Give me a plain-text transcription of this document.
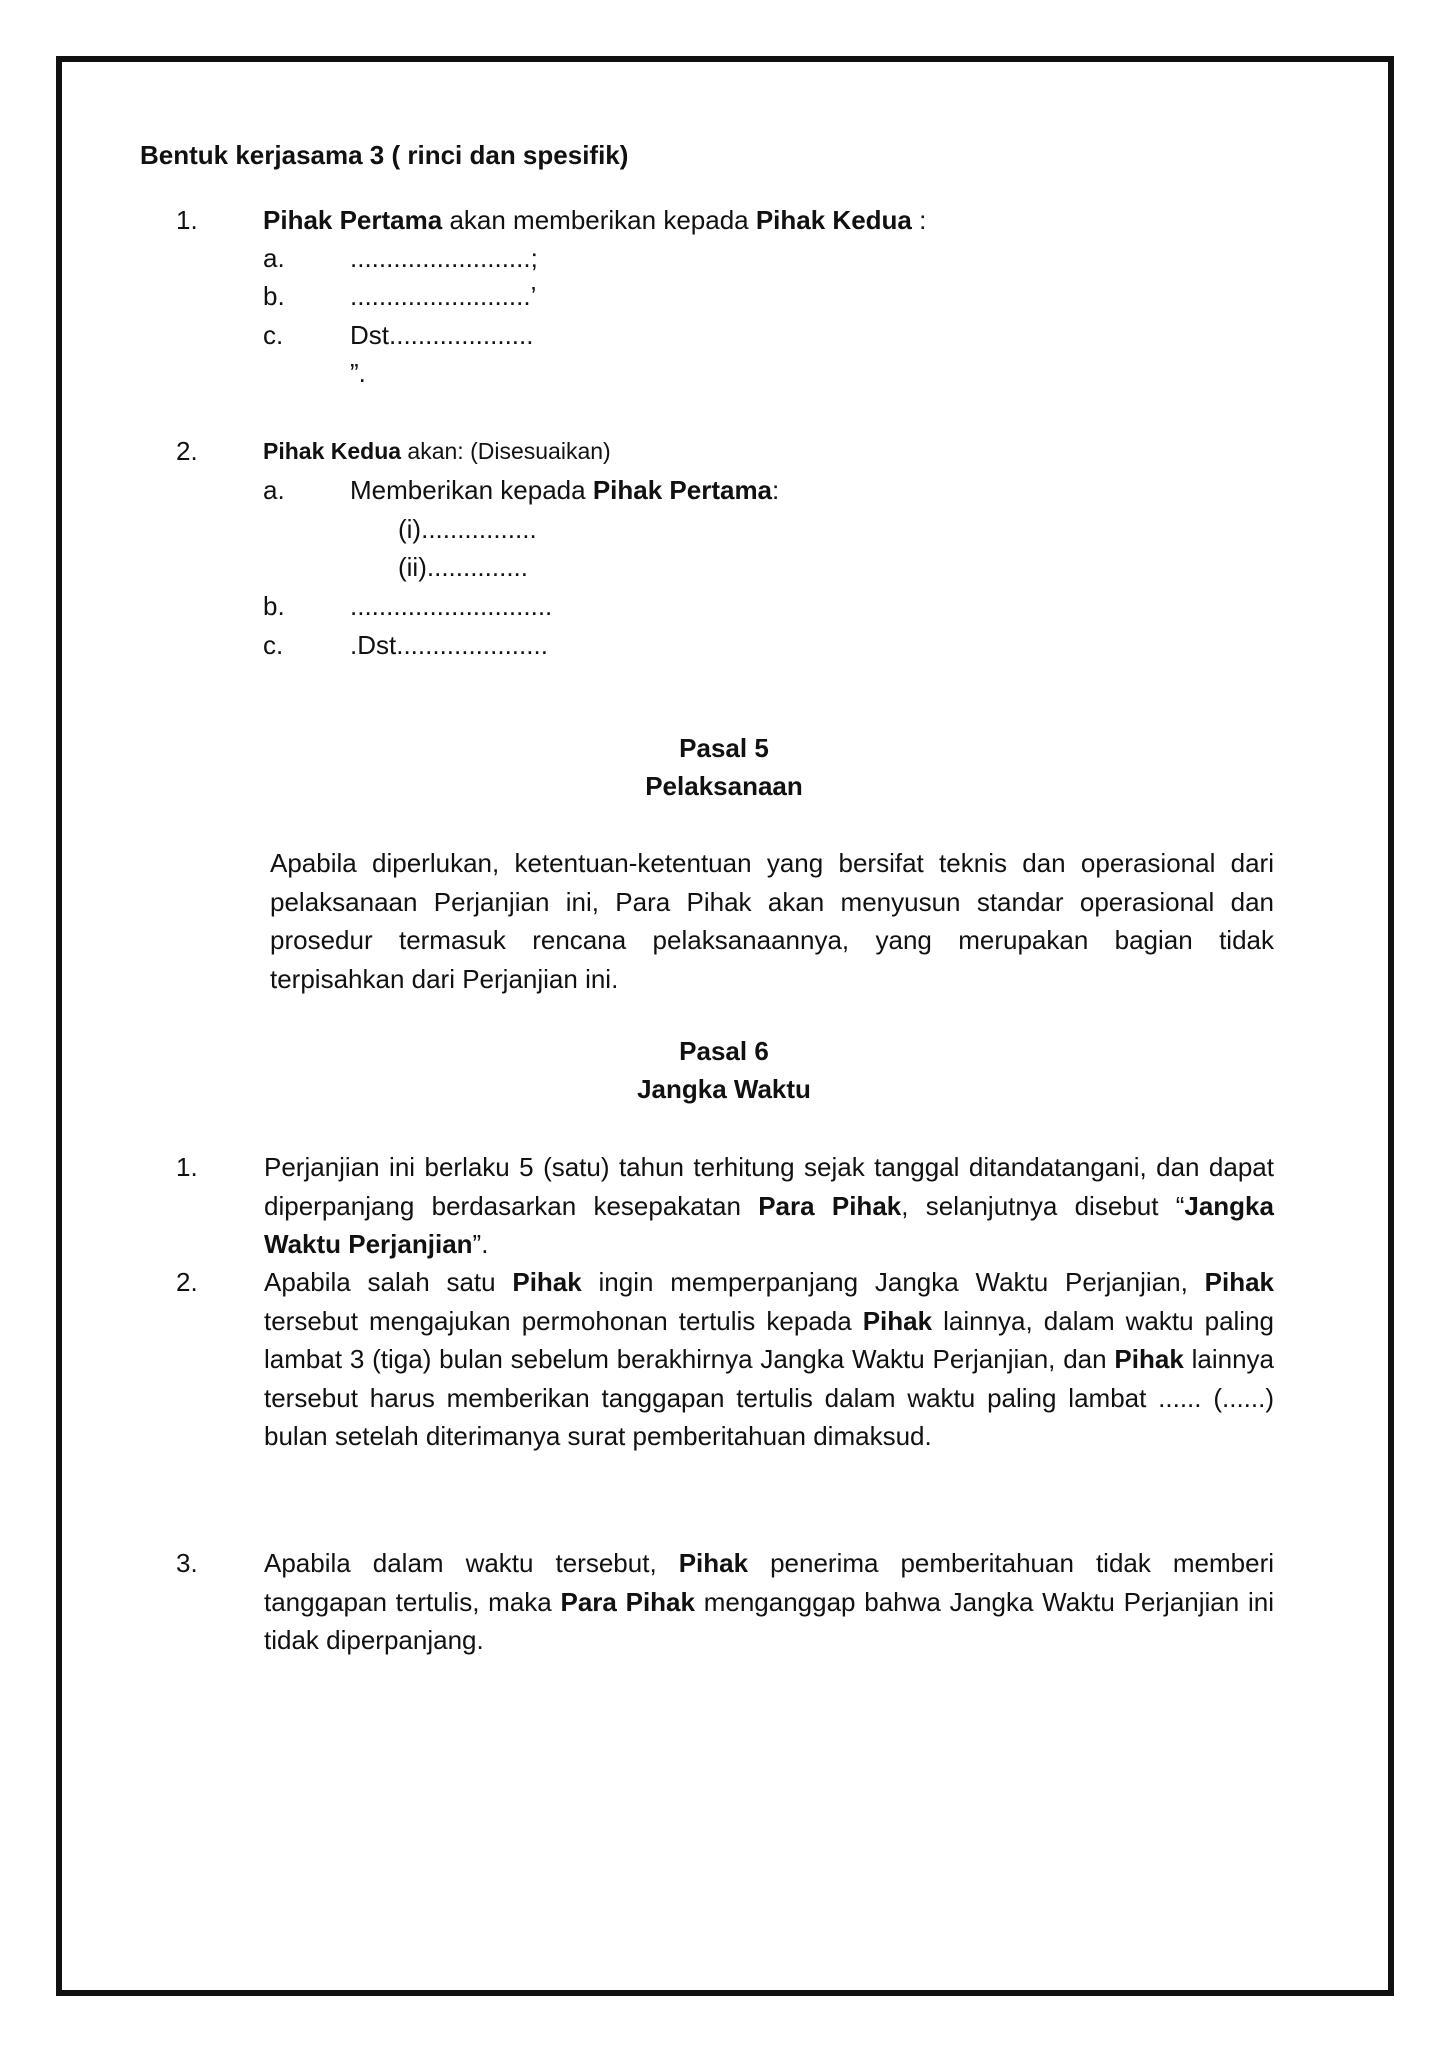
Bentuk kerjasama 3 ( rinci dan spesifik)
1.	Pihak Pertama akan memberikan kepada Pihak Kedua :
a.	.........................;
b.	.........................’
c.	Dst....................
”.
2.	Pihak Kedua akan: (Disesuaikan)
a.	Memberikan kepada Pihak Pertama:
(i)................
(ii)..............
b.	............................
c.	.Dst.....................
Pasal 5
Pelaksanaan
Apabila diperlukan, ketentuan-ketentuan yang bersifat teknis dan operasional dari pelaksanaan Perjanjian ini, Para Pihak akan menyusun standar operasional dan prosedur termasuk rencana pelaksanaannya, yang merupakan bagian tidak terpisahkan dari Perjanjian ini.
Pasal 6
Jangka Waktu
1.	Perjanjian ini berlaku 5 (satu) tahun terhitung sejak tanggal ditandatangani, dan dapat diperpanjang berdasarkan kesepakatan Para Pihak, selanjutnya disebut “Jangka Waktu Perjanjian”.
2.	Apabila salah satu Pihak ingin memperpanjang Jangka Waktu Perjanjian, Pihak tersebut mengajukan permohonan tertulis kepada Pihak lainnya, dalam waktu paling lambat 3 (tiga) bulan sebelum berakhirnya Jangka Waktu Perjanjian, dan Pihak lainnya tersebut harus memberikan tanggapan tertulis dalam waktu paling lambat ...... (......) bulan setelah diterimanya surat pemberitahuan dimaksud.
3.	Apabila dalam waktu tersebut, Pihak penerima pemberitahuan tidak memberi tanggapan tertulis, maka Para Pihak menganggap bahwa Jangka Waktu Perjanjian ini tidak diperpanjang.
